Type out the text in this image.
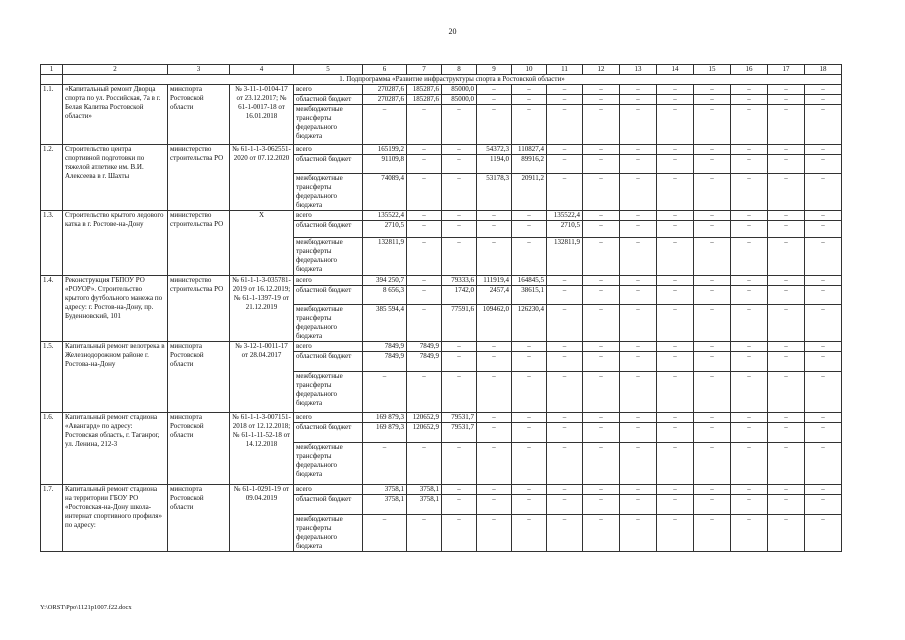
20
1	2	3	4	5	6	7	8	9	10	11	12	13	14	15	16	17	18
	1. Подпрограмма «Развитие инфраструктуры спорта в Ростовской области»																
1.1.	«Капитальный ремонт Дворца спорта по ул. Российская, 7а в г. Белая Калитва Ростовской области»	минспорта Ростовской области	№ 3-11-1-0104-17 от 23.12.2017; № 61-1-0017-18 от 16.01.2018	всего	270287,6	185287,6	85000,0	–	–	–	–	–	–	–	–	–	–
				областной бюджет	270287,6	185287,6	85000,0	–	–	–	–	–	–	–	–	–	–
				межбюджетные трансферты федерального бюджета	–	–	–	–	–	–	–	–	–	–	–	–	–
1.2.	Строительство центра спортивной подготовки по тяжелой атлетике им. В.И. Алексеева в г. Шахты	министерство строительства РО	№ 61-1-1-3-062551-2020 от 07.12.2020	всего	165199,2	–	–	54372,3	110827,4	–	–	–	–	–	–	–	–
				областной бюджет	91109,8	–	–	1194,0	89916,2	–	–	–	–	–	–	–	–
				межбюджетные трансферты федерального бюджета	74089,4	–	–	53178,3	20911,2	–	–	–	–	–	–	–	–
1.3.	Строительство крытого ледового катка в г. Ростове-на-Дону	министерство строительства РО	Х	всего	135522,4	–	–	–	–	135522,4	–	–	–	–	–	–	–
				областной бюджет	2710,5	–	–	–	–	2710,5	–	–	–	–	–	–	–
				межбюджетные трансферты федерального бюджета	132811,9	–	–	–	–	132811,9	–	–	–	–	–	–	–
1.4.	Реконструкция ГБПОУ РО «РОУОР». Строительство крытого футбольного манежа по адресу: г. Ростов-на-Дону, пр. Буденновский, 101	министерство строительства РО	№ 61-1-1-3-035781-2019 от 16.12.2019; № 61-1-1397-19 от 21.12.2019	всего	394 250,7	–	79333,6	111919,4	164845,5	–	–	–	–	–	–	–	–
				областной бюджет	8 656,3	–	1742,0	2457,4	38615,1	–	–	–	–	–	–	–	–
				межбюджетные трансферты федерального бюджета	385 594,4	–	77591,6	109462,0	126230,4	–	–	–	–	–	–	–	–
1.5.	Капитальный ремонт велотрека в Железнодорожном районе г. Ростова-на-Дону	минспорта Ростовской области	№ 3-12-1-0011-17 от 28.04.2017	всего	7849,9	7849,9	–	–	–	–	–	–	–	–	–	–	–
				областной бюджет	7849,9	7849,9	–	–	–	–	–	–	–	–	–	–	–
				межбюджетные трансферты федерального бюджета	–	–	–	–	–	–	–	–	–	–	–	–	–
1.6.	Капитальный ремонт стадиона «Авангард» по адресу: Ростовская область, г. Таганрог, ул. Ленина, 212-3	минспорта Ростовской области	№ 61-1-1-3-007151-2018 от 12.12.2018; № 61-1-11-52-18 от 14.12.2018	всего	169 879,3	120652,9	79531,7	–	–	–	–	–	–	–	–	–	–
				областной бюджет	169 879,3	120652,9	79531,7	–	–	–	–	–	–	–	–	–	–
				межбюджетные трансферты федерального бюджета	–	–	–	–	–	–	–	–	–	–	–	–	–
1.7.	Капитальный ремонт стадиона на территории ГБОУ РО «Ростовская-на-Дону школа-интернат спортивного профиля» по адресу:	минспорта Ростовской области	№ 61-1-0291-19 от 09.04.2019	всего	3758,1	3758,1	–	–	–	–	–	–	–	–	–	–	–
				областной бюджет	3758,1	3758,1	–	–	–	–	–	–	–	–	–	–	–
				межбюджетные трансферты федерального бюджета	–	–	–	–	–	–	–	–	–	–	–	–	–
Y:\ORST\Ppo\1121p1007.f22.docx
